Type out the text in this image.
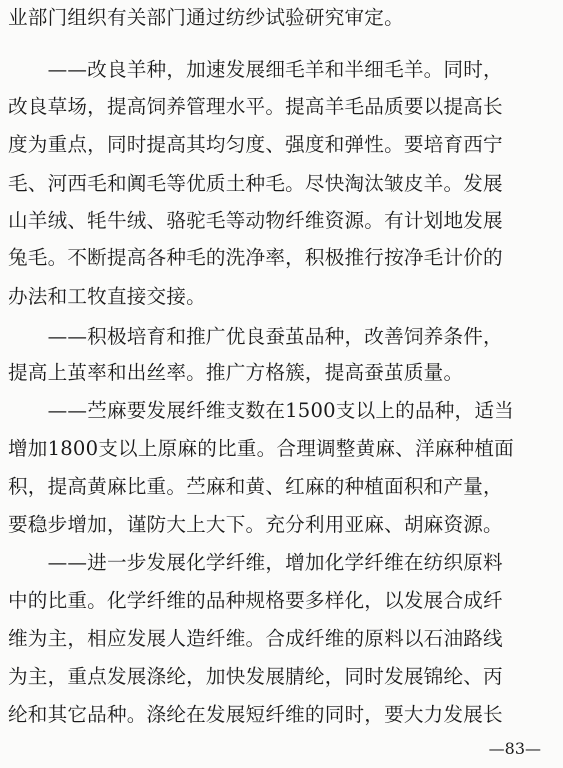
业部门组织有关部门通过纺纱试验研究审定。
　　——改良羊种，加速发展细毛羊和半细毛羊。同时，
改良草场，提高饲养管理水平。提高羊毛品质要以提高长
度为重点，同时提高其均匀度、强度和弹性。要培育西宁
毛、河西毛和阗毛等优质土种毛。尽快淘汰皱皮羊。发展
山羊绒、牦牛绒、骆驼毛等动物纤维资源。有计划地发展
兔毛。不断提高各种毛的洗净率，积极推行按净毛计价的
办法和工牧直接交接。
　　——积极培育和推广优良蚕茧品种，改善饲养条件，
提高上茧率和出丝率。推广方格簇，提高蚕茧质量。
　　——苎麻要发展纤维支数在1500支以上的品种，适当
增加1800支以上原麻的比重。合理调整黄麻、洋麻种植面
积，提高黄麻比重。苎麻和黄、红麻的种植面积和产量，
要稳步增加，谨防大上大下。充分利用亚麻、胡麻资源。
　　——进一步发展化学纤维，增加化学纤维在纺织原料
中的比重。化学纤维的品种规格要多样化，以发展合成纤
维为主，相应发展人造纤维。合成纤维的原料以石油路线
为主，重点发展涤纶，加快发展腈纶，同时发展锦纶、丙
纶和其它品种。涤纶在发展短纤维的同时，要大力发展长
—83—
